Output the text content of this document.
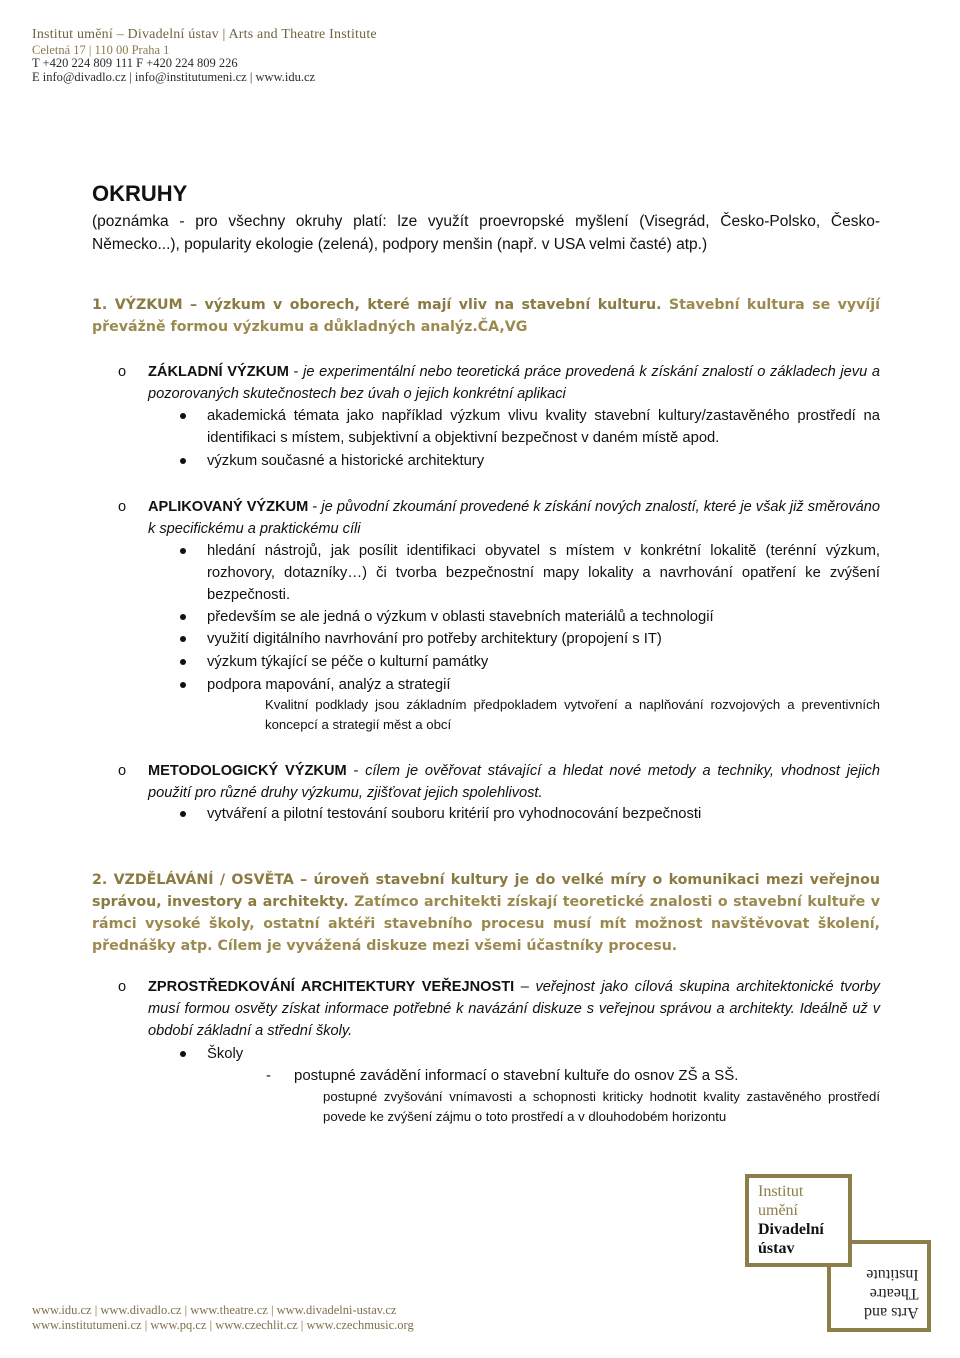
Institut umění – Divadelní ústav | Arts and Theatre Institute
Celetná 17 | 110 00 Praha 1
T +420 224 809 111 F +420 224 809 226
E info@divadlo.cz | info@institutumeni.cz | www.idu.cz
OKRUHY
(poznámka - pro všechny okruhy platí: lze využít proevropské myšlení (Visegrád, Česko-Polsko, Česko-Německo...), popularity ekologie (zelená), podpory menšin (např. v USA velmi časté) atp.)
1. VÝZKUM – výzkum v oborech, které mají vliv na stavební kulturu. Stavební kultura se vyvíjí převážně formou výzkumu a důkladných analýz.ČA,VG
o ZÁKLADNÍ VÝZKUM - je experimentální nebo teoretická práce provedená k získání znalostí o základech jevu a pozorovaných skutečnostech bez úvah o jejich konkrétní aplikaci
akademická témata jako například výzkum vlivu kvality stavební kultury/zastavěného prostředí na identifikaci s místem, subjektivní a objektivní bezpečnost v daném místě apod.
výzkum současné a historické architektury
o APLIKOVANÝ VÝZKUM - je původní zkoumání provedené k získání nových znalostí, které je však již směrováno k specifickému a praktickému cíli
hledání nástrojů, jak posílit identifikaci obyvatel s místem v konkrétní lokalitě (terénní výzkum, rozhovory, dotazníky…) či tvorba bezpečnostní mapy lokality a navrhování opatření ke zvýšení bezpečnosti.
především se ale jedná o výzkum v oblasti stavebních materiálů a technologií
využití digitálního navrhování pro potřeby architektury (propojení s IT)
výzkum týkající se péče o kulturní památky
podpora mapování, analýz a strategií
Kvalitní podklady jsou základním předpokladem vytvoření a naplňování rozvojových a preventivních koncepcí a strategií měst a obcí
o METODOLOGICKÝ VÝZKUM - cílem je ověřovat stávající a hledat nové metody a techniky, vhodnost jejich použití pro různé druhy výzkumu, zjišťovat jejich spolehlivost.
vytváření a pilotní testování souboru kritérií pro vyhodnocování bezpečnosti
2. VZDĚLÁVÁNÍ / OSVĚTA – úroveň stavební kultury je do velké míry o komunikaci mezi veřejnou správou, investory a architekty. Zatímco architekti získají teoretické znalosti o stavební kultuře v rámci vysoké školy, ostatní aktéři stavebního procesu musí mít možnost navštěvovat školení, přednášky atp. Cílem je vyvážená diskuze mezi všemi účastníky procesu.
o ZPROSTŘEDKOVÁNÍ ARCHITEKTURY VEŘEJNOSTI – veřejnost jako cílová skupina architektonické tvorby musí formou osvěty získat informace potřebné k navázání diskuze s veřejnou správou a architekty. Ideálně už v období základní a střední školy.
Školy
- postupné zavádění informací o stavební kultuře do osnov ZŠ a SŠ.
postupné zvyšování vnímavosti a schopnosti kriticky hodnotit kvality zastavěného prostředí povede ke zvýšení zájmu o toto prostředí a v dlouhodobém horizontu
www.idu.cz | www.divadlo.cz | www.theatre.cz | www.divadelni-ustav.cz
www.institutumeni.cz | www.pq.cz | www.czechlit.cz | www.czechmusic.org
Arts and
Theatre
Institute
Institut
umění
Divadelní
ústav
